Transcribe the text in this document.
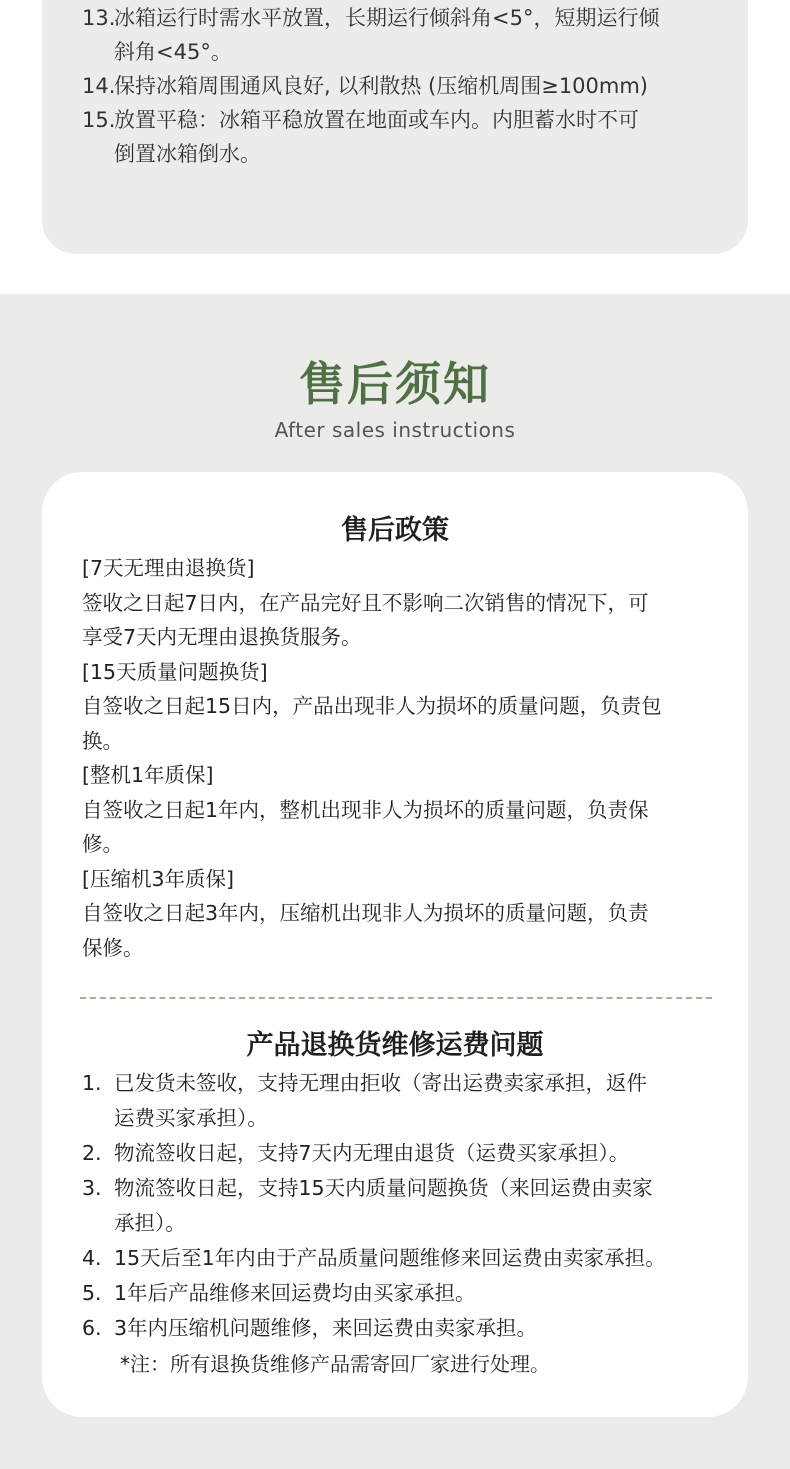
13.
冰箱运行时需水平放置，长期运行倾斜角<5°，短期运行倾
斜角<45°。
14.
保持冰箱周围通风良好, 以利散热 (压缩机周围≥100mm)
15.
放置平稳：冰箱平稳放置在地面或车内。内胆蓄水时不可
倒置冰箱倒水。
售后须知
After sales instructions
售后政策
[7天无理由退换货]
签收之日起7日内，在产品完好且不影响二次销售的情况下，可
享受7天内无理由退换货服务。
[15天质量问题换货]
自签收之日起15日内，产品出现非人为损坏的质量问题，负责包
换。
[整机1年质保]
自签收之日起1年内，整机出现非人为损坏的质量问题，负责保
修。
[压缩机3年质保]
自签收之日起3年内，压缩机出现非人为损坏的质量问题，负责
保修。
产品退换货维修运费问题
1. 已发货未签收，支持无理由拒收（寄出运费卖家承担，返件
运费买家承担）。
2. 物流签收日起，支持7天内无理由退货（运费买家承担）。
3. 物流签收日起，支持15天内质量问题换货（来回运费由卖家
承担）。
4. 15天后至1年内由于产品质量问题维修来回运费由卖家承担。
5. 1年后产品维修来回运费均由买家承担。
6. 3年内压缩机问题维修，来回运费由卖家承担。
*注：所有退换货维修产品需寄回厂家进行处理。
